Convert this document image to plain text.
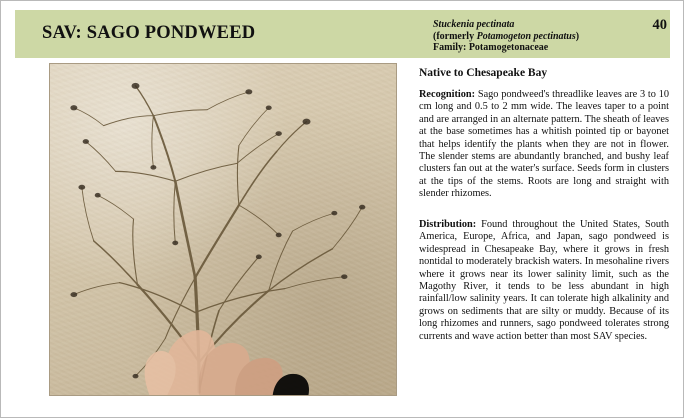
SAV: SAGO PONDWEED	Stuckenia pectinata
(formerly Potamogeton pectinatus)
Family: Potamogetonaceae
40
Native to Chesapeake Bay
Recognition: Sago pondweed's threadlike leaves are 3 to 10 cm long and 0.5 to 2 mm wide. The leaves taper to a point and are arranged in an alternate pattern. The sheath of leaves at the base sometimes has a whitish pointed tip or bayonet that helps identify the plants when they are not in flower. The slender stems are abundantly branched, and bushy leaf clusters fan out at the water's surface. Seeds form in clusters at the tips of the stems. Roots are long and straight with slender rhizomes.
Distribution: Found throughout the United States, South America, Europe, Africa, and Japan, sago pondweed is widespread in Chesapeake Bay, where it grows in fresh nontidal to moderately brackish waters. In mesohaline rivers where it grows near its lower salinity limit, such as the Magothy River, it tends to be less abundant in high rainfall/low salinity years. It can tolerate high alkalinity and grows on sediments that are silty or muddy. Because of its long rhizomes and runners, sago pondweed tolerates strong currents and wave action better than most SAV species.
